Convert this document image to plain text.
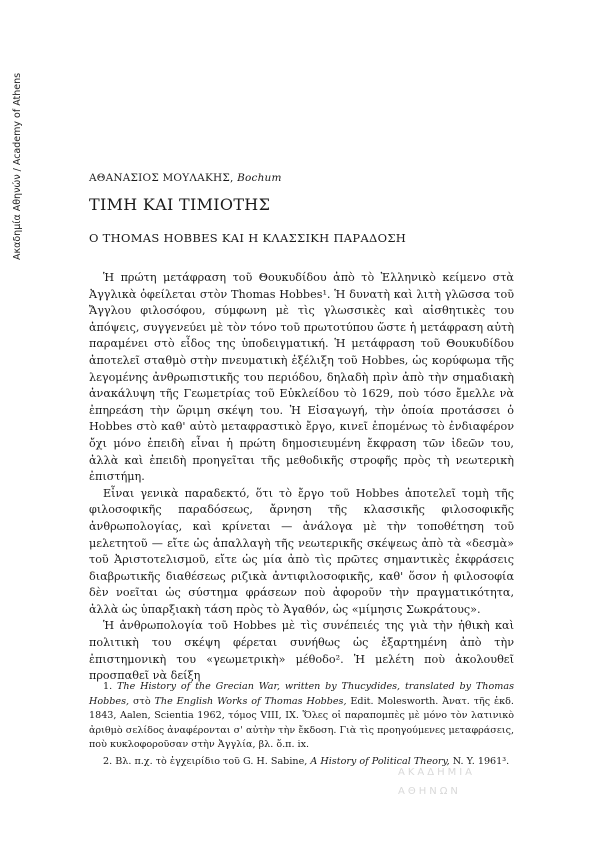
Ακαδημία Αθηνών / Academy of Athens	ΑΘΑΝΑΣΙΟΣ ΜΟΥΛΑΚΗΣ, Bochum
ΤΙΜΗ ΚΑΙ ΤΙΜΙΟΤΗΣ
Ο THOMAS HOBBES ΚΑΙ Η ΚΛΑΣΣΙΚΗ ΠΑΡΑΔΟΣΗ

Ἡ πρώτη μετάφραση τοῦ Θουκυδίδου ἀπὸ τὸ Ἑλληνικὸ κείμενο στὰ Ἀγγλικὰ ὀφείλεται στὸν Thomas Hobbes¹. Ἡ δυνατὴ καὶ λιτὴ γλῶσσα τοῦ Ἄγγλου φιλοσόφου, σύμφωνη μὲ τὶς γλωσσικὲς καὶ αἰσθητικὲς του ἀπόψεις, συγγενεύει μὲ τὸν τόνο τοῦ πρωτοτύπου ὥστε ἡ μετάφραση αὐτὴ παραμένει στὸ εἶδος της ὑποδειγματική. Ἡ μετάφραση τοῦ Θουκυδίδου ἀποτελεῖ σταθμὸ στὴν πνευματικὴ ἐξέλιξη τοῦ Hobbes, ὡς κορύφωμα τῆς λεγομένης ἀνθρωπιστικῆς του περιόδου, δηλαδὴ πρὶν ἀπὸ τὴν σημαδιακὴ ἀνακάλυψη τῆς Γεωμετρίας τοῦ Εὐκλείδου τὸ 1629, ποὺ τόσο ἔμελλε νὰ ἐπηρεάση τὴν ὥριμη σκέψη του. Ἡ Εἰσαγωγή, τὴν ὁποία προτάσσει ὁ Hobbes στὸ καθ' αὐτὸ μεταφραστικὸ ἔργο, κινεῖ ἑπομένως τὸ ἐνδιαφέρον ὄχι μόνο ἐπειδὴ εἶναι ἡ πρώτη δημοσιευμένη ἔκφραση τῶν ἰδεῶν του, ἀλλὰ καὶ ἐπειδὴ προηγεῖται τῆς μεθοδικῆς στροφῆς πρὸς τὴ νεωτερικὴ ἐπιστήμη.

Εἶναι γενικὰ παραδεκτό, ὅτι τὸ ἔργο τοῦ Hobbes ἀποτελεῖ τομὴ τῆς φιλοσοφικῆς παραδόσεως, ἄρνηση τῆς κλασσικῆς φιλοσοφικῆς ἀνθρωπολογίας, καὶ κρίνεται — ἀνάλογα μὲ τὴν τοποθέτηση τοῦ μελετητοῦ — εἴτε ὡς ἀπαλλαγὴ τῆς νεωτερικῆς σκέψεως ἀπὸ τὰ «δεσμὰ» τοῦ Ἀριστοτελισμοῦ, εἴτε ὡς μία ἀπὸ τὶς πρῶτες σημαντικὲς ἐκφράσεις διαβρωτικῆς διαθέσεως ριζικὰ ἀντιφιλοσοφικῆς, καθ' ὅσον ἡ φιλοσοφία δὲν νοεῖται ὡς σύστημα φράσεων ποὺ ἀφοροῦν τὴν πραγματικότητα, ἀλλὰ ὡς ὑπαρξιακὴ τάση πρὸς τὸ Ἀγαθόν, ὡς «μίμησις Σωκράτους».

Ἡ ἀνθρωπολογία τοῦ Hobbes μὲ τὶς συνέπειές της γιὰ τὴν ἠθικὴ καὶ πολιτικὴ του σκέψη φέρεται συνήθως ὡς ἐξαρτημένη ἀπὸ τὴν ἐπιστημονικὴ του «γεωμετρικὴ» μέθοδο². Ἡ μελέτη ποὺ ἀκολουθεῖ προσπαθεῖ νὰ δείξη

1. The History of the Grecian War, written by Thucydides, translated by Thomas Hobbes, στὸ The English Works of Thomas Hobbes, Edit. Molesworth. Ἀνατ. τῆς ἐκδ. 1843, Aalen, Scientia 1962, τόμος VIII, IX. Ὅλες οἱ παραπομπὲς μὲ μόνο τὸν λατινικὸ ἀριθμὸ σελίδος ἀναφέρονται σ' αὐτὴν τὴν ἔκδοση. Γιὰ τὶς προηγούμενες μεταφράσεις, ποὺ κυκλοφοροῦσαν στὴν Ἀγγλία, βλ. ὅ.π. ix.

2. Βλ. π.χ. τὸ ἐγχειρίδιο τοῦ G. H. Sabine, A History of Political Theory, N. Y. 1961³.

ΑΚΑΔΗΜΙΑ ΑΘΗΝΩΝ
